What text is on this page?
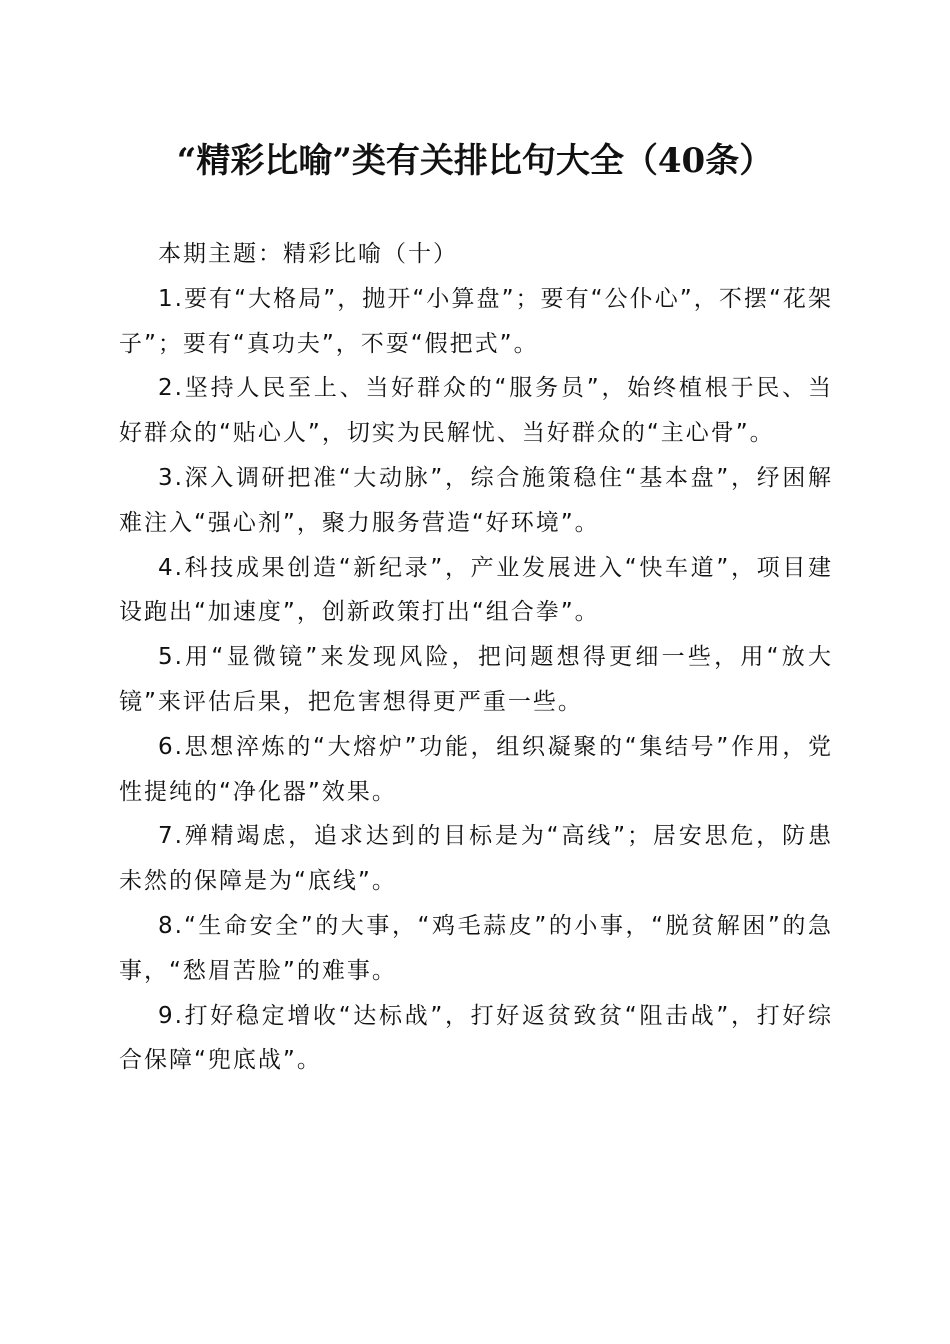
“精彩比喻”类有关排比句大全（40条）

本期主题：精彩比喻（十）

1.要有“大格局”，抛开“小算盘”；要有“公仆心”，不摆“花架子”；要有“真功夫”，不耍“假把式”。

2.坚持人民至上、当好群众的“服务员”，始终植根于民、当好群众的“贴心人”，切实为民解忧、当好群众的“主心骨”。

3.深入调研把准“大动脉”，综合施策稳住“基本盘”，纾困解难注入“强心剂”，聚力服务营造“好环境”。

4.科技成果创造“新纪录”，产业发展进入“快车道”，项目建设跑出“加速度”，创新政策打出“组合拳”。

5.用“显微镜”来发现风险，把问题想得更细一些，用“放大镜”来评估后果，把危害想得更严重一些。

6.思想淬炼的“大熔炉”功能，组织凝聚的“集结号”作用，党性提纯的“净化器”效果。

7.殚精竭虑，追求达到的目标是为“高线”；居安思危，防患未然的保障是为“底线”。

8.“生命安全”的大事，“鸡毛蒜皮”的小事，“脱贫解困”的急事，“愁眉苦脸”的难事。

9.打好稳定增收“达标战”，打好返贫致贫“阻击战”，打好综合保障“兜底战”。
